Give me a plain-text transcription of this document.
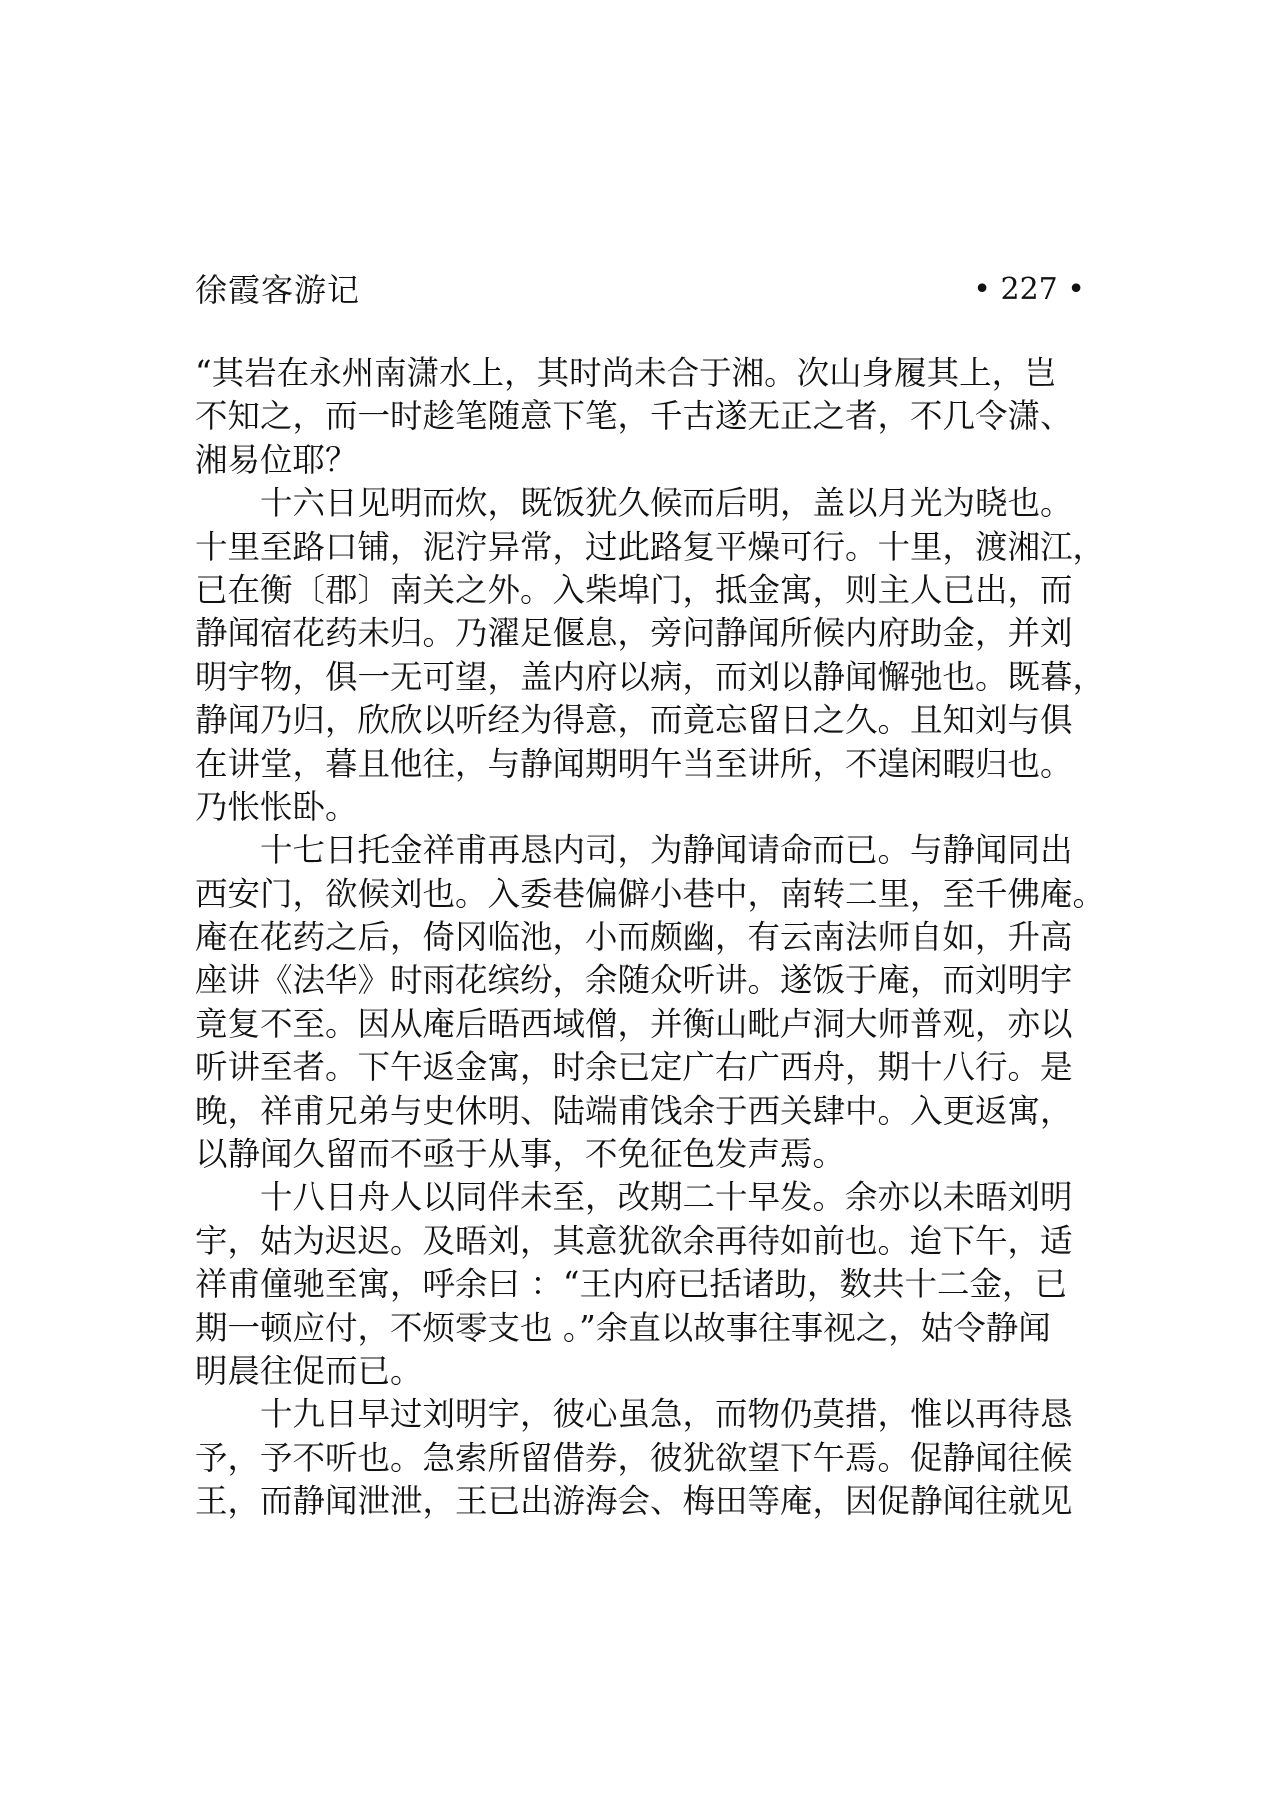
徐霞客游记	• 227 •
“其岩在永州南潇水上，其时尚未合于湘。次山身履其上，岂
不知之，而一时趁笔随意下笔，千古遂无正之者，不几令潇、
湘易位耶？
　　十六日见明而炊，既饭犹久候而后明，盖以月光为晓也。
十里至路口铺，泥泞异常，过此路复平燥可行。十里，渡湘江，
已在衡〔郡〕南关之外。入柴埠门，抵金寓，则主人已出，而
静闻宿花药未归。乃濯足偃息，旁问静闻所候内府助金，并刘
明宇物，俱一无可望，盖内府以病，而刘以静闻懈弛也。既暮，
静闻乃归，欣欣以听经为得意，而竟忘留日之久。且知刘与俱
在讲堂，暮且他往，与静闻期明午当至讲所，不遑闲暇归也。
乃怅怅卧。
　　十七日托金祥甫再恳内司，为静闻请命而已。与静闻同出
西安门，欲候刘也。入委巷偏僻小巷中，南转二里，至千佛庵。
庵在花药之后，倚冈临池，小而颇幽，有云南法师自如，升高
座讲《法华》时雨花缤纷，余随众听讲。遂饭于庵，而刘明宇
竟复不至。因从庵后晤西域僧，并衡山毗卢洞大师普观，亦以
听讲至者。下午返金寓，时余已定广右广西舟，期十八行。是
晚，祥甫兄弟与史休明、陆端甫饯余于西关肆中。入更返寓，
以静闻久留而不亟于从事，不免征色发声焉。
　　十八日舟人以同伴未至，改期二十早发。余亦以未晤刘明
宇，姑为迟迟。及晤刘，其意犹欲余再待如前也。迨下午，适
祥甫僮驰至寓，呼余曰 ：“王内府已括诸助，数共十二金，已
期一顿应付，不烦零支也 。”余直以故事往事视之，姑令静闻
明晨往促而已。
　　十九日早过刘明宇，彼心虽急，而物仍莫措，惟以再待恳
予，予不听也。急索所留借券，彼犹欲望下午焉。促静闻往候
王，而静闻泄泄，王已出游海会、梅田等庵，因促静闻往就见
